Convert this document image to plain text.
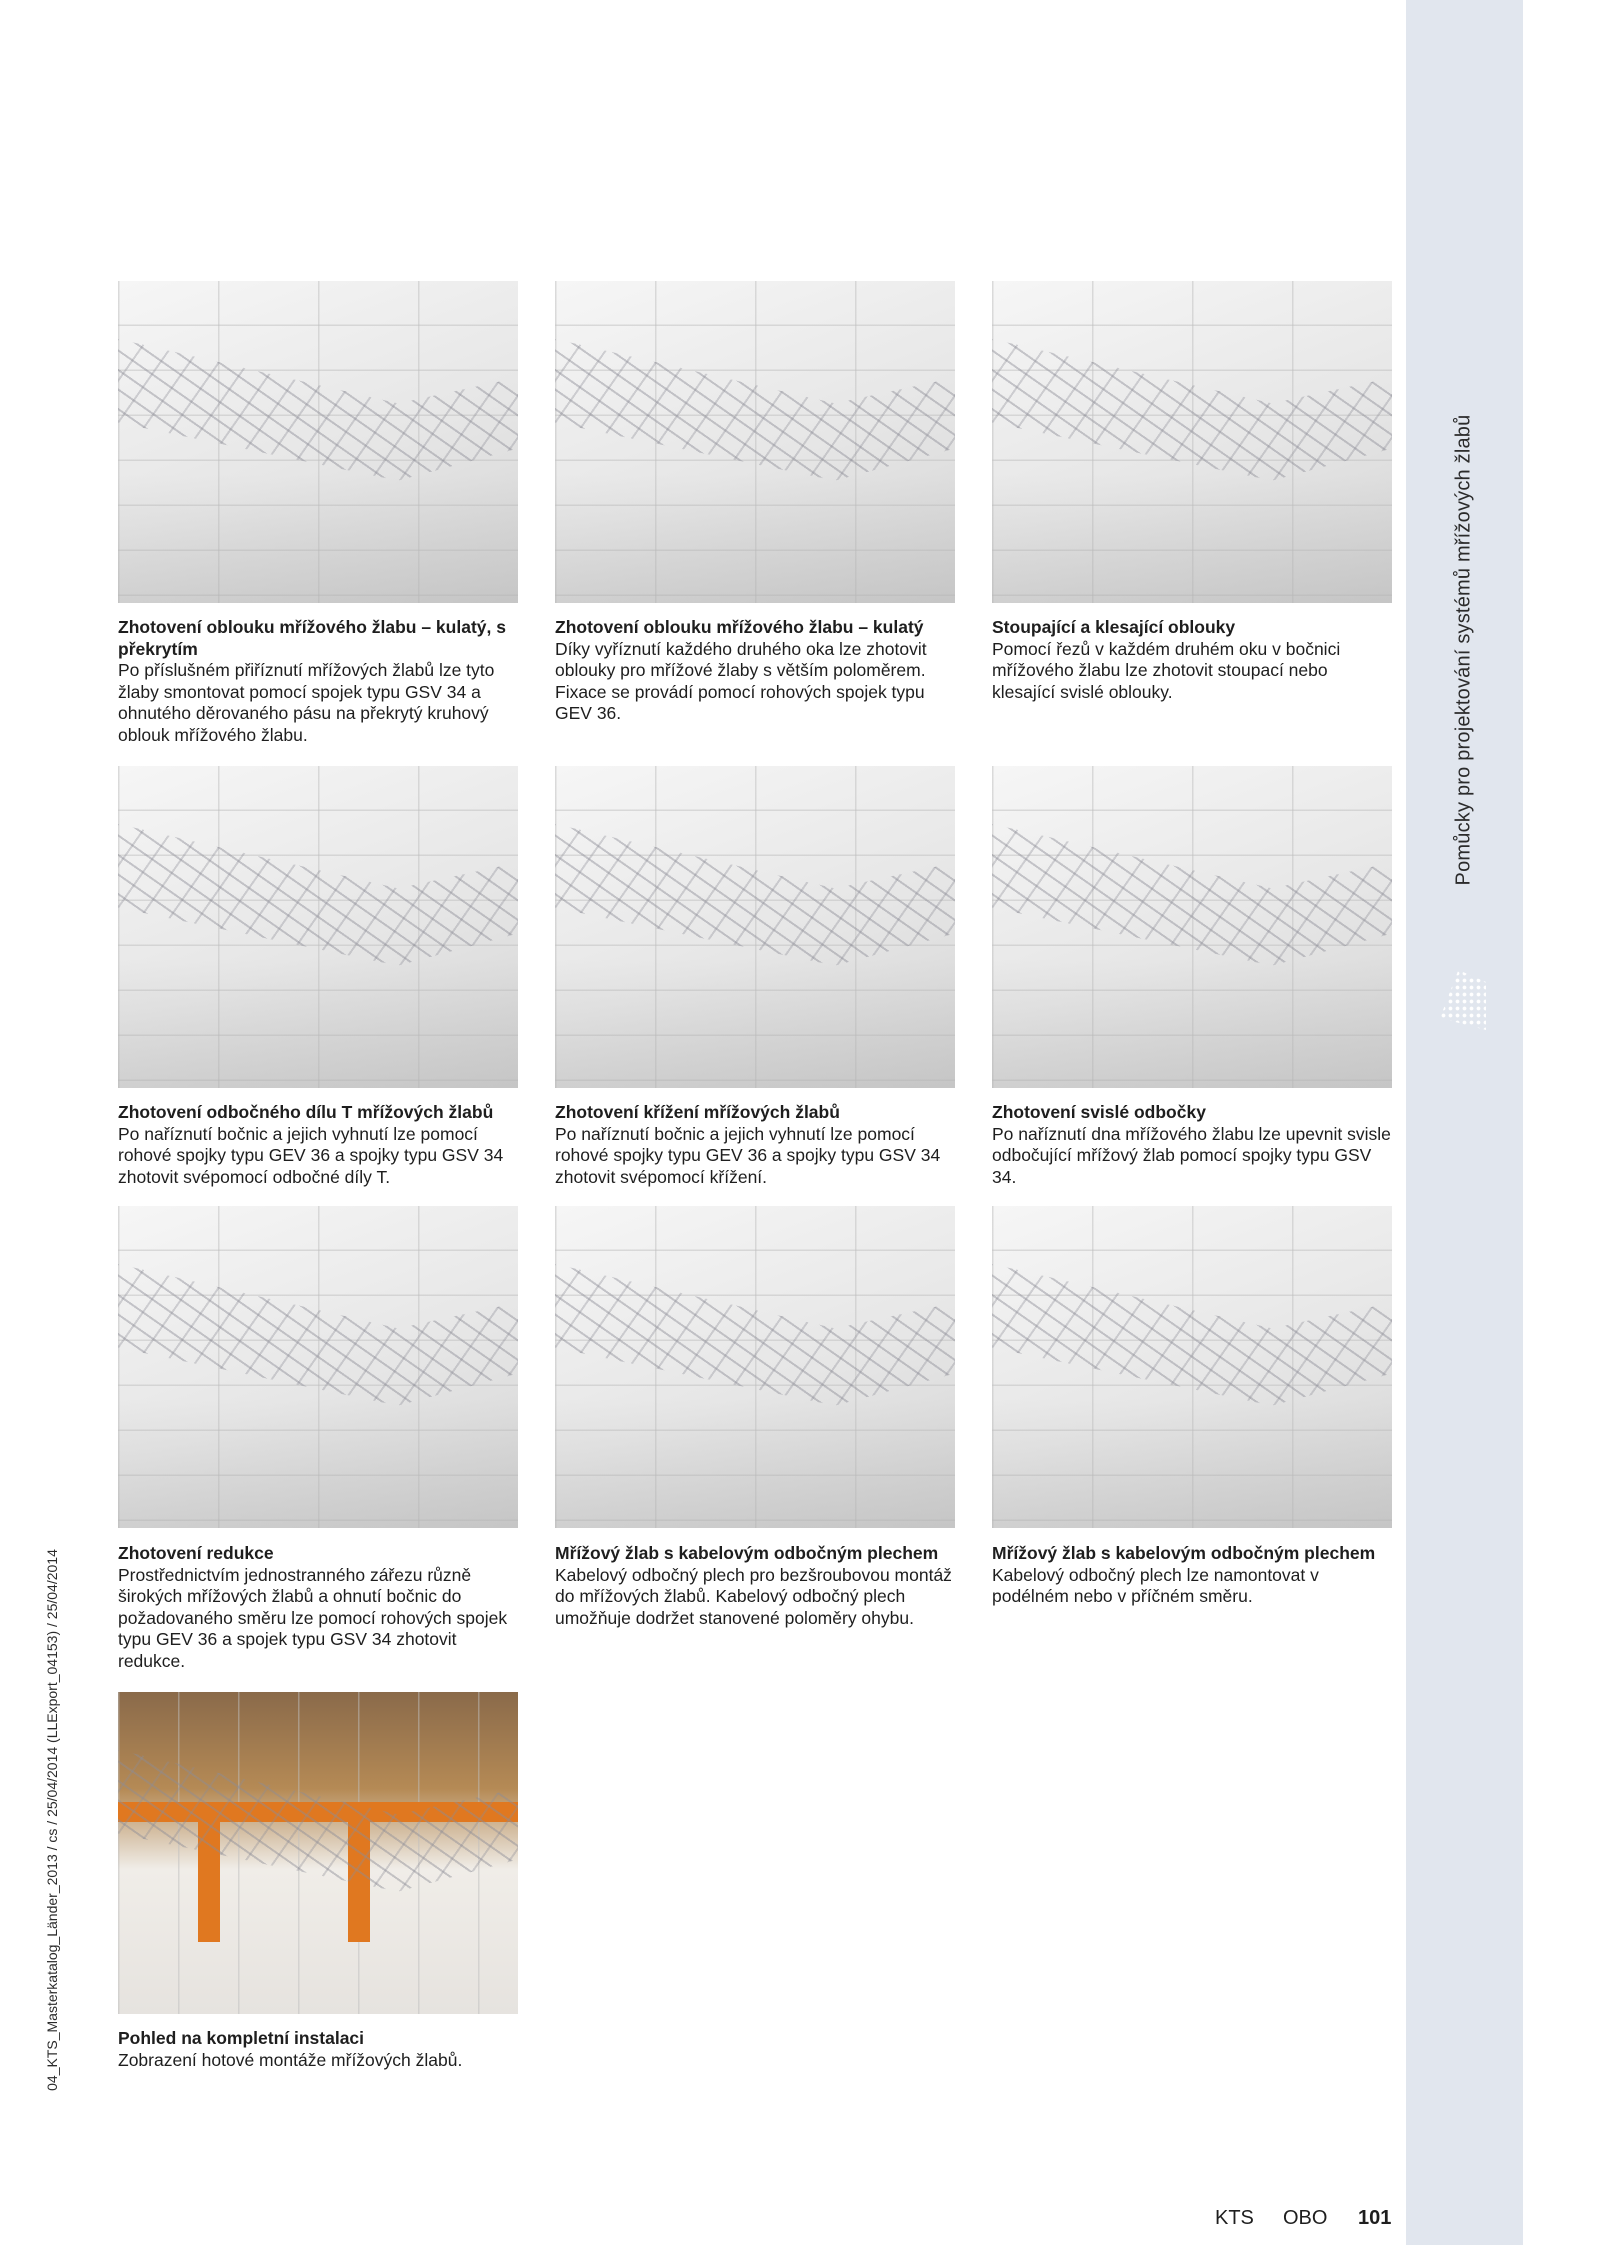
Pomůcky pro projektování systémů mřížových žlabů
04_KTS_Masterkatalog_Länder_2013 / cs / 25/04/2014 (LLExport_04153) / 25/04/2014
Zhotovení oblouku mřížového žlabu – kulatý, s překrytím
Po příslušném přiříznutí mřížových žlabů lze tyto žlaby smontovat pomocí spojek typu GSV 34 a ohnutého děrovaného pásu na překrytý kruhový oblouk mřížového žlabu.
Zhotovení oblouku mřížového žlabu – kulatý
Díky vyříznutí každého druhého oka lze zhotovit oblouky pro mřížové žlaby s větším poloměrem. Fixace se provádí pomocí rohových spojek typu GEV 36.
Stoupající a klesající oblouky
Pomocí řezů v každém druhém oku v bočnici mřížového žlabu lze zhotovit stoupací nebo klesající svislé oblouky.
Zhotovení odbočného dílu T mřížových žlabů
Po naříznutí bočnic a jejich vyhnutí lze pomocí rohové spojky typu GEV 36 a spojky typu GSV 34 zhotovit svépomocí odbočné díly T.
Zhotovení křížení mřížových žlabů
Po naříznutí bočnic a jejich vyhnutí lze pomocí rohové spojky typu GEV 36 a spojky typu GSV 34 zhotovit svépomocí křížení.
Zhotovení svislé odbočky
Po naříznutí dna mřížového žlabu lze upevnit svisle odbočující mřížový žlab pomocí spojky typu GSV 34.
Zhotovení redukce
Prostřednictvím jednostranného zářezu různě širokých mřížových žlabů a ohnutí bočnic do požadovaného směru lze pomocí rohových spojek typu GEV 36 a spojek typu GSV 34 zhotovit redukce.
Mřížový žlab s kabelovým odbočným plechem
Kabelový odbočný plech pro bezšroubovou montáž do mřížových žlabů. Kabelový odbočný plech umožňuje dodržet stanovené poloměry ohybu.
Mřížový žlab s kabelovým odbočným plechem
Kabelový odbočný plech lze namontovat v podélném nebo v příčném směru.
Pohled na kompletní instalaci
Zobrazení hotové montáže mřížových žlabů.
KTS OBO 101
